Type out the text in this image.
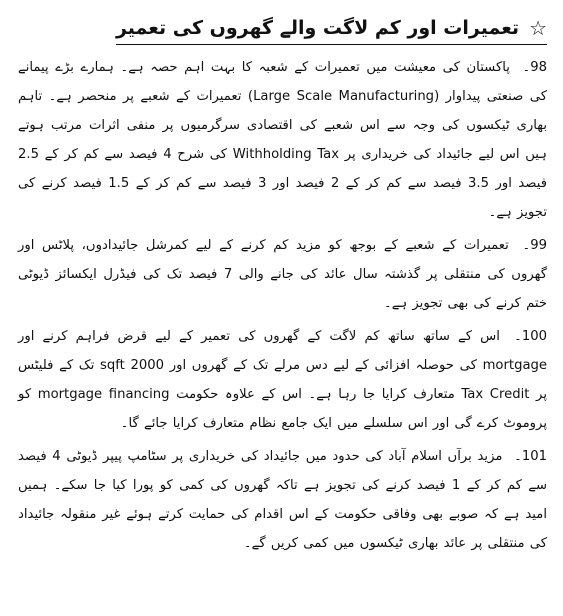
☆
تعمیرات اور کم لاگت والے گھروں کی تعمیر

98۔ پاکستان کی معیشت میں تعمیرات کے شعبہ کا بہت اہم حصہ ہے۔ ہمارے بڑے پیمانے کی صنعتی پیداوار (Large Scale Manufacturing) تعمیرات کے شعبے پر منحصر ہے۔ تاہم بھاری ٹیکسوں کی وجہ سے اس شعبے کی اقتصادی سرگرمیوں پر منفی اثرات مرتب ہوتے ہیں اس لیے جائیداد کی خریداری پر Withholding Tax کی شرح 4 فیصد سے کم کر کے 2.5 فیصد اور 3.5 فیصد سے کم کر کے 2 فیصد اور 3 فیصد سے کم کر کے 1.5 فیصد کرنے کی تجویز ہے۔

99۔ تعمیرات کے شعبے کے بوجھ کو مزید کم کرنے کے لیے کمرشل جائیدادوں، پلاٹس اور گھروں کی منتقلی پر گذشتہ سال عائد کی جانے والی 7 فیصد تک کی فیڈرل ایکسائز ڈیوٹی ختم کرنے کی بھی تجویز ہے۔

100۔ اس کے ساتھ ساتھ کم لاگت کے گھروں کی تعمیر کے لیے قرض فراہم کرنے اور mortgage کی حوصلہ افزائی کے لیے دس مرلے تک کے گھروں اور 2000 sqft تک کے فلیٹس پر Tax Credit متعارف کرایا جا رہا ہے۔ اس کے علاوہ حکومت mortgage financing کو پروموٹ کرے گی اور اس سلسلے میں ایک جامع نظام متعارف کرایا جائے گا۔

101۔ مزید برآں اسلام آباد کی حدود میں جائیداد کی خریداری پر سٹامپ پیپر ڈیوٹی 4 فیصد سے کم کر کے 1 فیصد کرنے کی تجویز ہے تاکہ گھروں کی کمی کو پورا کیا جا سکے۔ ہمیں امید ہے کہ صوبے بھی وفاقی حکومت کے اس اقدام کی حمایت کرتے ہوئے غیر منقولہ جائیداد کی منتقلی پر عائد بھاری ٹیکسوں میں کمی کریں گے۔
